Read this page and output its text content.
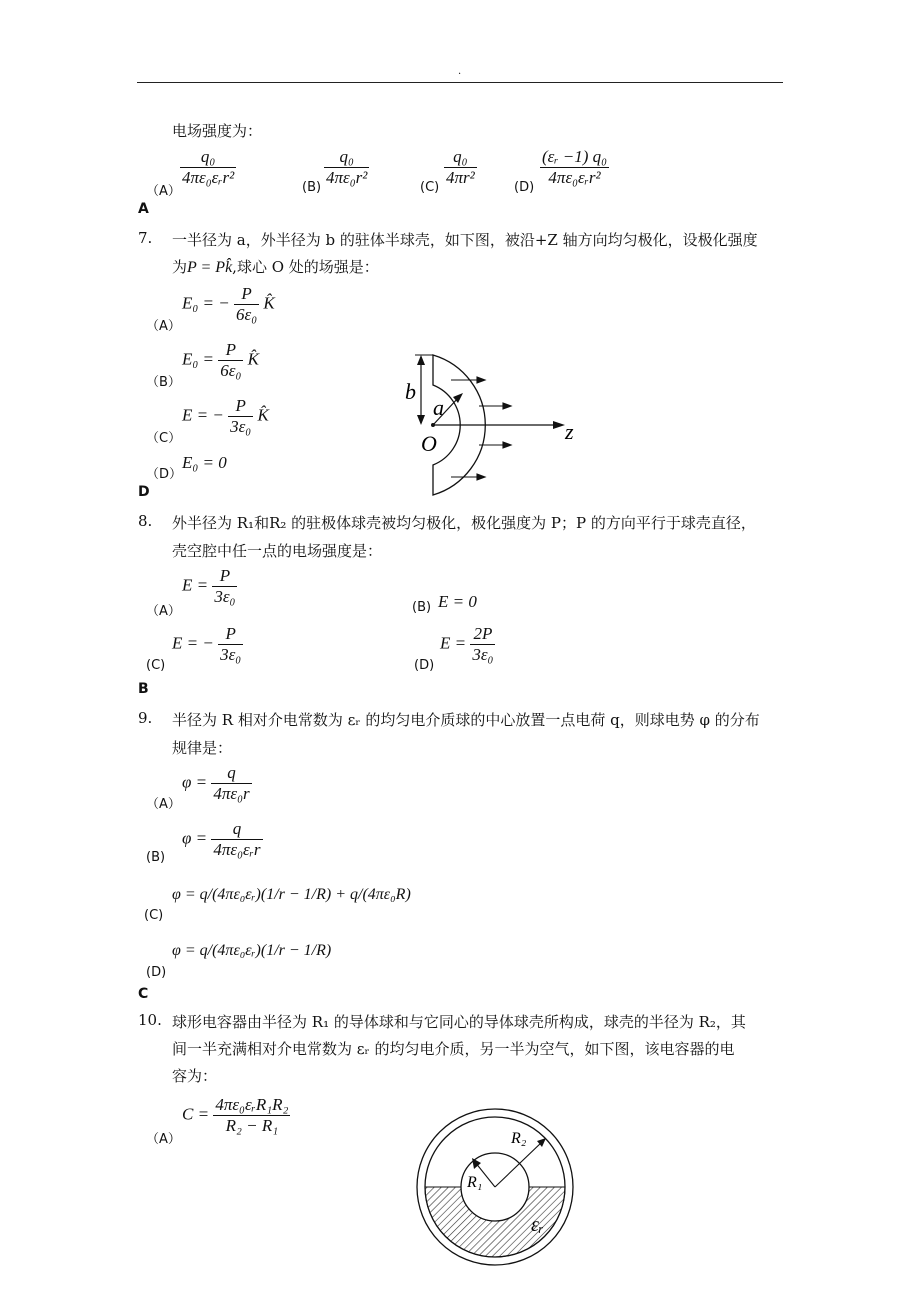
.
电场强度为：
（A）
$\frac{\text{q₀}}{\text{4πε₀εᵣr²}}$	$(B) \frac{\text{q₀}}{\text{4πε₀r²}}$	$(C) \frac{\text{q₀}}{\text{4πr²}}$	$(D) \frac{\text{(εᵣ −1) q₀}}{\text{4πε₀εᵣr²}}$
A
7. 一半径为 a，外半径为 b 的驻体半球壳，如下图，被沿+Z 轴方向均匀极化，设极化强度
为P = Pk̂,球心 O 处的场强是：
（A）
E₀ = − $\frac{P}{\text{6ε₀}}$ K̂
（B）
$E_0 = \frac{P}{\text{6ε₀}}$ K̂
（C）
E = − $\frac{P}{\text{3ε₀}}$ K̂
（D）
E₀ = 0
D
b
a
O	z
8. 外半径为 R₁和R₂ 的驻极体球壳被均匀极化，极化强度为 P；P 的方向平行于球壳直径，
壳空腔中任一点的电场强度是：
（A）
$E = \frac{P}{\text{3ε₀}}$
(B) E = 0
(C)
E = − $\frac{P}{\text{3ε₀}}$
(D)
$E = \frac{2P}{\text{3ε₀}}$
B
9. 半径为 R 相对介电常数为 εᵣ 的均匀电介质球的中心放置一点电荷 q，则球电势 φ 的分布
规律是：
（A）
$\varphi = \frac{q}{\text{4πε₀r}}$
(B)
$\varphi = \frac{q}{\text{4πε₀εᵣr}}$
(C)
φ = q/(4πε₀εᵣ)(1/r − 1/R) + q/(4πε₀R)
(D)
φ = q/(4πε₀εᵣ)(1/r − 1/R)
C
10. 球形电容器由半径为 R₁ 的导体球和与它同心的导体球壳所构成，球壳的半径为 R₂，其
间一半充满相对介电常数为 εᵣ 的均匀电介质，另一半为空气，如下图，该电容器的电
容为：
（A）
$C = \frac{\text{4πε₀εᵣR₁R₂}}{\text{R₂ − R₁}}$
R₂
R₁
εᵣ
